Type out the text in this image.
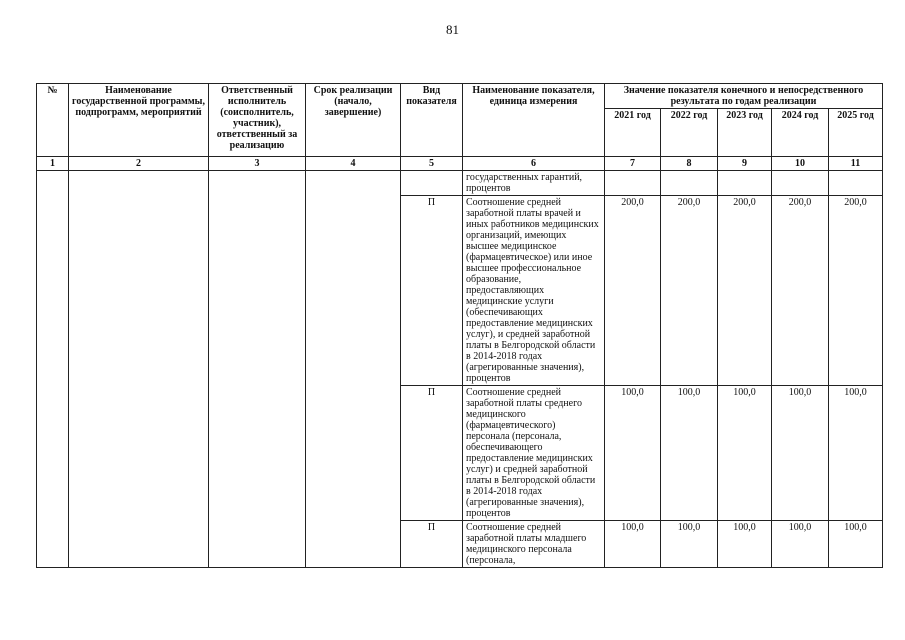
81
№	Наименование государственной программы, подпрограмм, мероприятий	Ответственный исполнитель (соисполнитель, участник), ответственный за реализацию	Срок реализации (начало, завершение)	Вид показателя	Наименование показателя, единица измерения	Значение показателя конечного и непосредственного результата по годам реализации				
						2021 год	2022 год	2023 год	2024 год	2025 год
1	2	3	4	5	6	7	8	9	10	11
					государственных гарантий, процентов					
				П	Соотношение средней заработной платы врачей и иных работников медицинских организаций, имеющих высшее медицинское (фармацевтическое) или иное высшее профессиональное образование, предоставляющих медицинские услуги (обеспечивающих предоставление медицинских услуг), и средней заработной платы в Белгородской области в 2014-2018 годах (агрегированные значения), процентов	200,0	200,0	200,0	200,0	200,0
				П	Соотношение средней заработной платы среднего медицинского (фармацевтического) персонала (персонала, обеспечивающего предоставление медицинских услуг) и средней заработной платы в Белгородской области в 2014-2018 годах (агрегированные значения), процентов	100,0	100,0	100,0	100,0	100,0
				П	Соотношение средней заработной платы младшего медицинского персонала (персонала,	100,0	100,0	100,0	100,0	100,0
